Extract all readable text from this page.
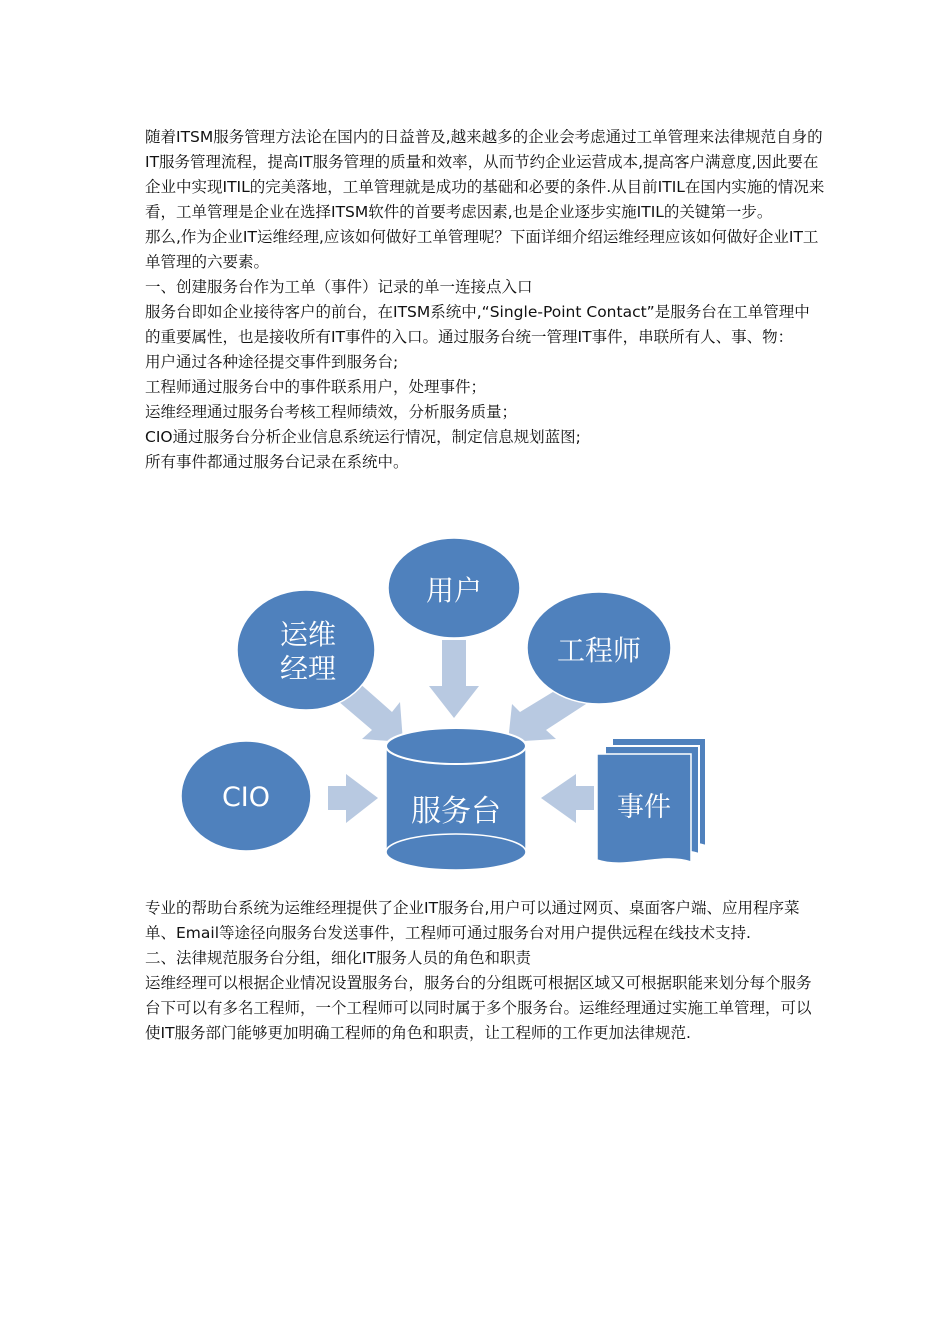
随着ITSM服务管理方法论在国内的日益普及,越来越多的企业会考虑通过工单管理来法律规范自身的IT服务管理流程，提高IT服务管理的质量和效率，从而节约企业运营成本,提高客户满意度,因此要在企业中实现ITIL的完美落地，工单管理就是成功的基础和必要的条件.从目前ITIL在国内实施的情况来看，工单管理是企业在选择ITSM软件的首要考虑因素,也是企业逐步实施ITIL的关键第一步。

那么,作为企业IT运维经理,应该如何做好工单管理呢？下面详细介绍运维经理应该如何做好企业IT工单管理的六要素。

一、创建服务台作为工单（事件）记录的单一连接点入口

服务台即如企业接待客户的前台，在ITSM系统中,“Single-Point Contact”是服务台在工单管理中的重要属性，也是接收所有IT事件的入口。通过服务台统一管理IT事件，串联所有人、事、物：

用户通过各种途径提交事件到服务台;

工程师通过服务台中的事件联系用户，处理事件；

运维经理通过服务台考核工程师绩效，分析服务质量；

CIO通过服务台分析企业信息系统运行情况，制定信息规划蓝图;

所有事件都通过服务台记录在系统中。

用户
运维
经理
工程师
CIO	服务台	事件

专业的帮助台系统为运维经理提供了企业IT服务台,用户可以通过网页、桌面客户端、应用程序菜单、Email等途径向服务台发送事件，工程师可通过服务台对用户提供远程在线技术支持.

二、法律规范服务台分组，细化IT服务人员的角色和职责

运维经理可以根据企业情况设置服务台，服务台的分组既可根据区域又可根据职能来划分每个服务台下可以有多名工程师，一个工程师可以同时属于多个服务台。运维经理通过实施工单管理，可以使IT服务部门能够更加明确工程师的角色和职责，让工程师的工作更加法律规范.
